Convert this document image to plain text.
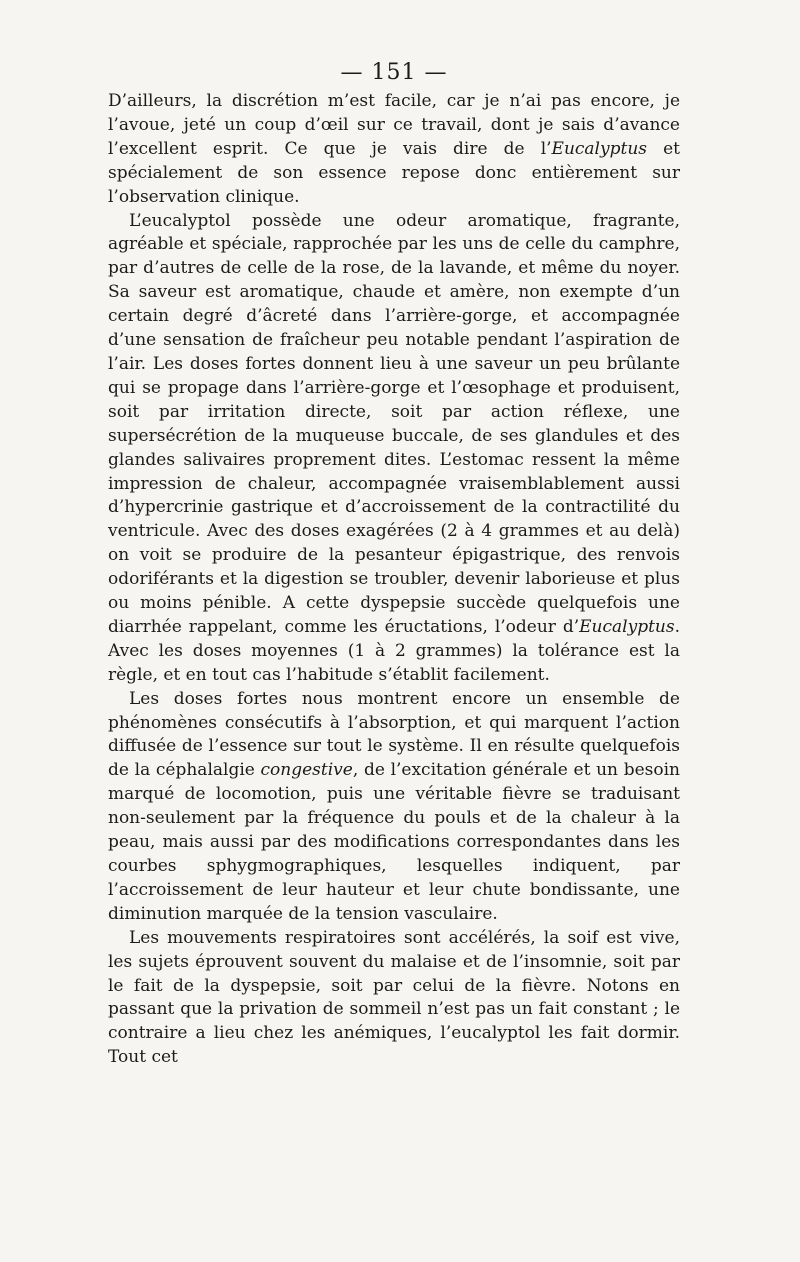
— 151 —

D’ailleurs, la discrétion m’est facile, car je n’ai pas encore, je l’avoue, jeté un coup d’œil sur ce travail, dont je sais d’avance l’excellent esprit. Ce que je vais dire de l’Eucalyptus et spécialement de son essence repose donc entièrement sur l’observation clinique.

L’eucalyptol possède une odeur aromatique, fragrante, agréable et spéciale, rapprochée par les uns de celle du camphre, par d’autres de celle de la rose, de la lavande, et même du noyer. Sa saveur est aromatique, chaude et amère, non exempte d’un certain degré d’âcreté dans l’arrière-gorge, et accompagnée d’une sensation de fraîcheur peu notable pendant l’aspiration de l’air. Les doses fortes donnent lieu à une saveur un peu brûlante qui se propage dans l’arrière-gorge et l’œsophage et produisent, soit par irritation directe, soit par action réflexe, une supersécrétion de la muqueuse buccale, de ses glandules et des glandes salivaires proprement dites. L’estomac ressent la même impression de chaleur, accompagnée vraisemblablement aussi d’hypercrinie gastrique et d’accroissement de la contractilité du ventricule. Avec des doses exagérées (2 à 4 grammes et au delà) on voit se produire de la pesanteur épigastrique, des renvois odoriférants et la digestion se troubler, devenir laborieuse et plus ou moins pénible. A cette dyspepsie succède quelquefois une diarrhée rappelant, comme les éructations, l’odeur d’Eucalyptus. Avec les doses moyennes (1 à 2 grammes) la tolérance est la règle, et en tout cas l’habitude s’établit facilement.

Les doses fortes nous montrent encore un ensemble de phénomènes consécutifs à l’absorption, et qui marquent l’action diffusée de l’essence sur tout le système. Il en résulte quelquefois de la céphalalgie congestive, de l’excitation générale et un besoin marqué de locomotion, puis une véritable fièvre se traduisant non-seulement par la fréquence du pouls et de la chaleur à la peau, mais aussi par des modifications correspondantes dans les courbes sphygmographiques, lesquelles indiquent, par l’accroissement de leur hauteur et leur chute bondissante, une diminution marquée de la tension vasculaire.

Les mouvements respiratoires sont accélérés, la soif est vive, les sujets éprouvent souvent du malaise et de l’insomnie, soit par le fait de la dyspepsie, soit par celui de la fièvre. Notons en passant que la privation de sommeil n’est pas un fait constant ; le contraire a lieu chez les anémiques, l’eucalyptol les fait dormir. Tout cet
